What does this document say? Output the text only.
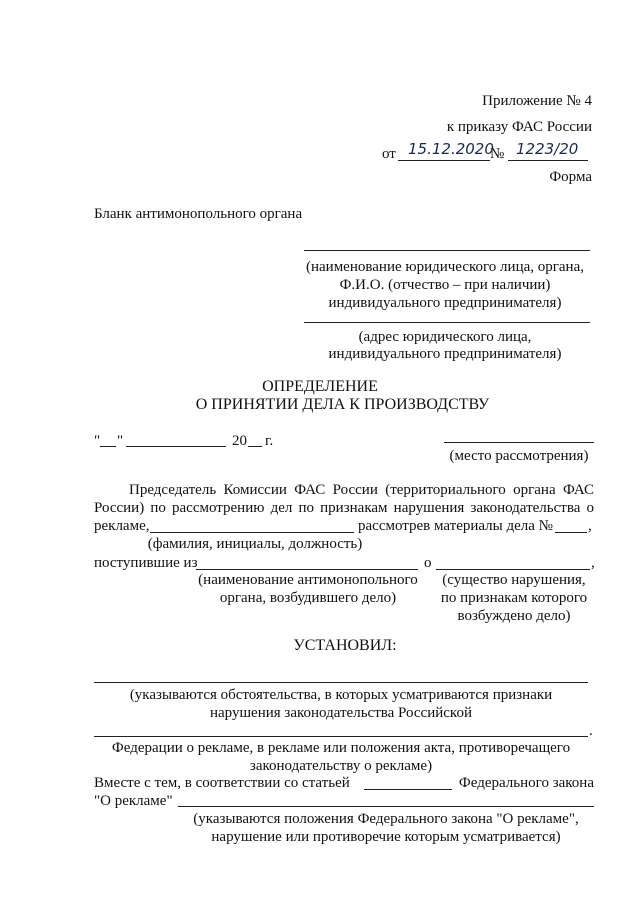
Приложение № 4
к приказу ФАС России
от 15.12.2020
№ 1223/20
Форма
Бланк антимонопольного органа
(наименование юридического лица, органа,
Ф.И.О. (отчество – при наличии)
индивидуального предпринимателя)
(адрес юридического лица,
индивидуального предпринимателя)
ОПРЕДЕЛЕНИЕ
О ПРИНЯТИИ ДЕЛА К ПРОИЗВОДСТВУ
" "	20 г.
(место рассмотрения)
Председатель Комиссии ФАС России (территориального органа ФАС
России) по рассмотрению дел по признакам нарушения законодательства о
рекламе,	рассмотрев материалы дела № ,
(фамилия, инициалы, должность)
поступившие из	о	,
(наименование антимонопольного
органа, возбудившего дело)
(существо нарушения,
по признакам которого
возбуждено дело)
УСТАНОВИЛ:
(указываются обстоятельства, в которых усматриваются признаки
нарушения законодательства Российской
.
Федерации о рекламе, в рекламе или положения акта, противоречащего
законодательству о рекламе)
Вместе с тем, в соответствии со статьей	Федерального закона
"О рекламе"
(указываются положения Федерального закона "О рекламе",
нарушение или противоречие которым усматривается)
